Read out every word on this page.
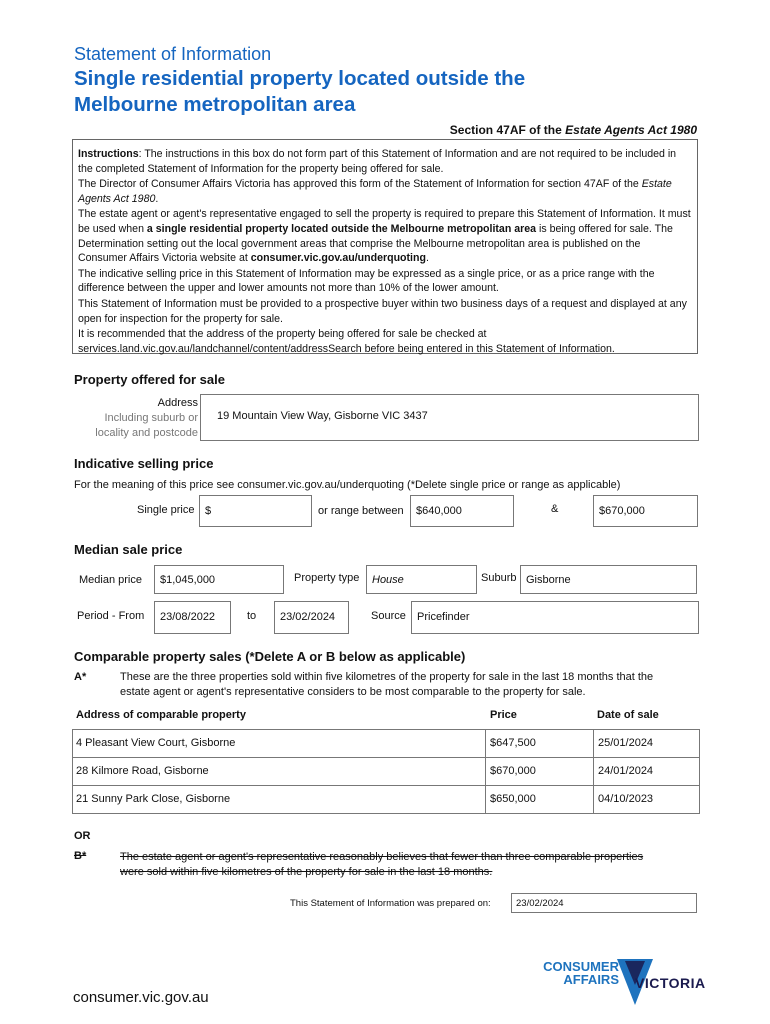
Statement of Information
Single residential property located outside the
Melbourne metropolitan area
Section 47AF of the Estate Agents Act 1980

Instructions: The instructions in this box do not form part of this Statement of Information and are not required to be included in the completed Statement of Information for the property being offered for sale.

The Director of Consumer Affairs Victoria has approved this form of the Statement of Information for section 47AF of the Estate Agents Act 1980.

The estate agent or agent's representative engaged to sell the property is required to prepare this Statement of Information. It must be used when a single residential property located outside the Melbourne metropolitan area is being offered for sale. The Determination setting out the local government areas that comprise the Melbourne metropolitan area is published on the Consumer Affairs Victoria website at consumer.vic.gov.au/underquoting.

The indicative selling price in this Statement of Information may be expressed as a single price, or as a price range with the difference between the upper and lower amounts not more than 10% of the lower amount.

This Statement of Information must be provided to a prospective buyer within two business days of a request and displayed at any open for inspection for the property for sale.

It is recommended that the address of the property being offered for sale be checked at services.land.vic.gov.au/landchannel/content/addressSearch before being entered in this Statement of Information.

Property offered for sale
Address
Including suburb or
locality and postcode
19 Mountain View Way, Gisborne VIC 3437
Indicative selling price
For the meaning of this price see consumer.vic.gov.au/underquoting (*Delete single price or range as applicable)
Single price $	or range between $640,000	&	$670,000
Median sale price
Median price $1,045,000	Property type House	Suburb Gisborne
Period - From 23/08/2022	to 23/02/2024	Source Pricefinder
Comparable property sales (*Delete A or B below as applicable)
A*	These are the three properties sold within five kilometres of the property for sale in the last 18 months that the
estate agent or agent's representative considers to be most comparable to the property for sale.
Address of comparable property	Price	Date of sale
4 Pleasant View Court, Gisborne	$647,500	25/01/2024
28 Kilmore Road, Gisborne	$670,000	24/01/2024
21 Sunny Park Close, Gisborne	$650,000	04/10/2023
OR
B*	The estate agent or agent's representative reasonably believes that fewer than three comparable properties
were sold within five kilometres of the property for sale in the last 18 months.
This Statement of Information was prepared on:	23/02/2024
consumer.vic.gov.au
CONSUMER
AFFAIRS VICTORIA
